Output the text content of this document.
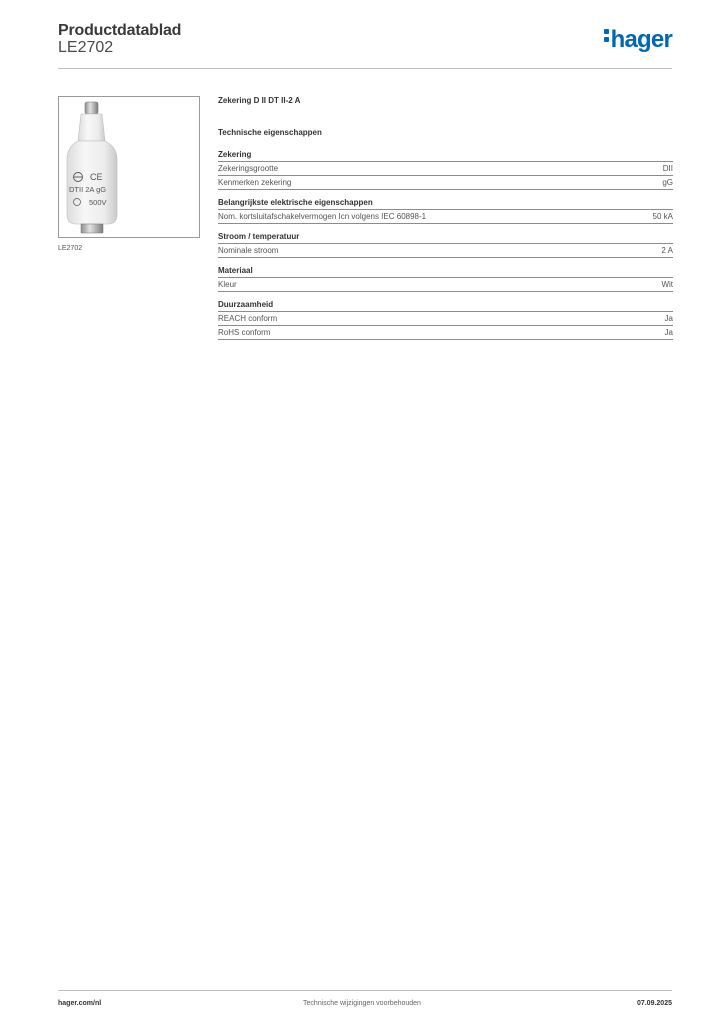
Productdatablad
LE2702	hager
CE
DTII 2A gG
500V
LE2702
Zekering D II DT II-2 A
Technische eigenschappen
Zekering
Zekeringsgrootte	DII
Kenmerken zekering	gG
Belangrijkste elektrische eigenschappen
Nom. kortsluitafschakelvermogen Icn volgens IEC 60898-1	50 kA
Stroom / temperatuur
Nominale stroom	2 A
Materiaal
Kleur	Wit
Duurzaamheid
REACH conform	Ja
RoHS conform	Ja
hager.com/nl	Technische wijzigingen voorbehouden	07.09.2025
